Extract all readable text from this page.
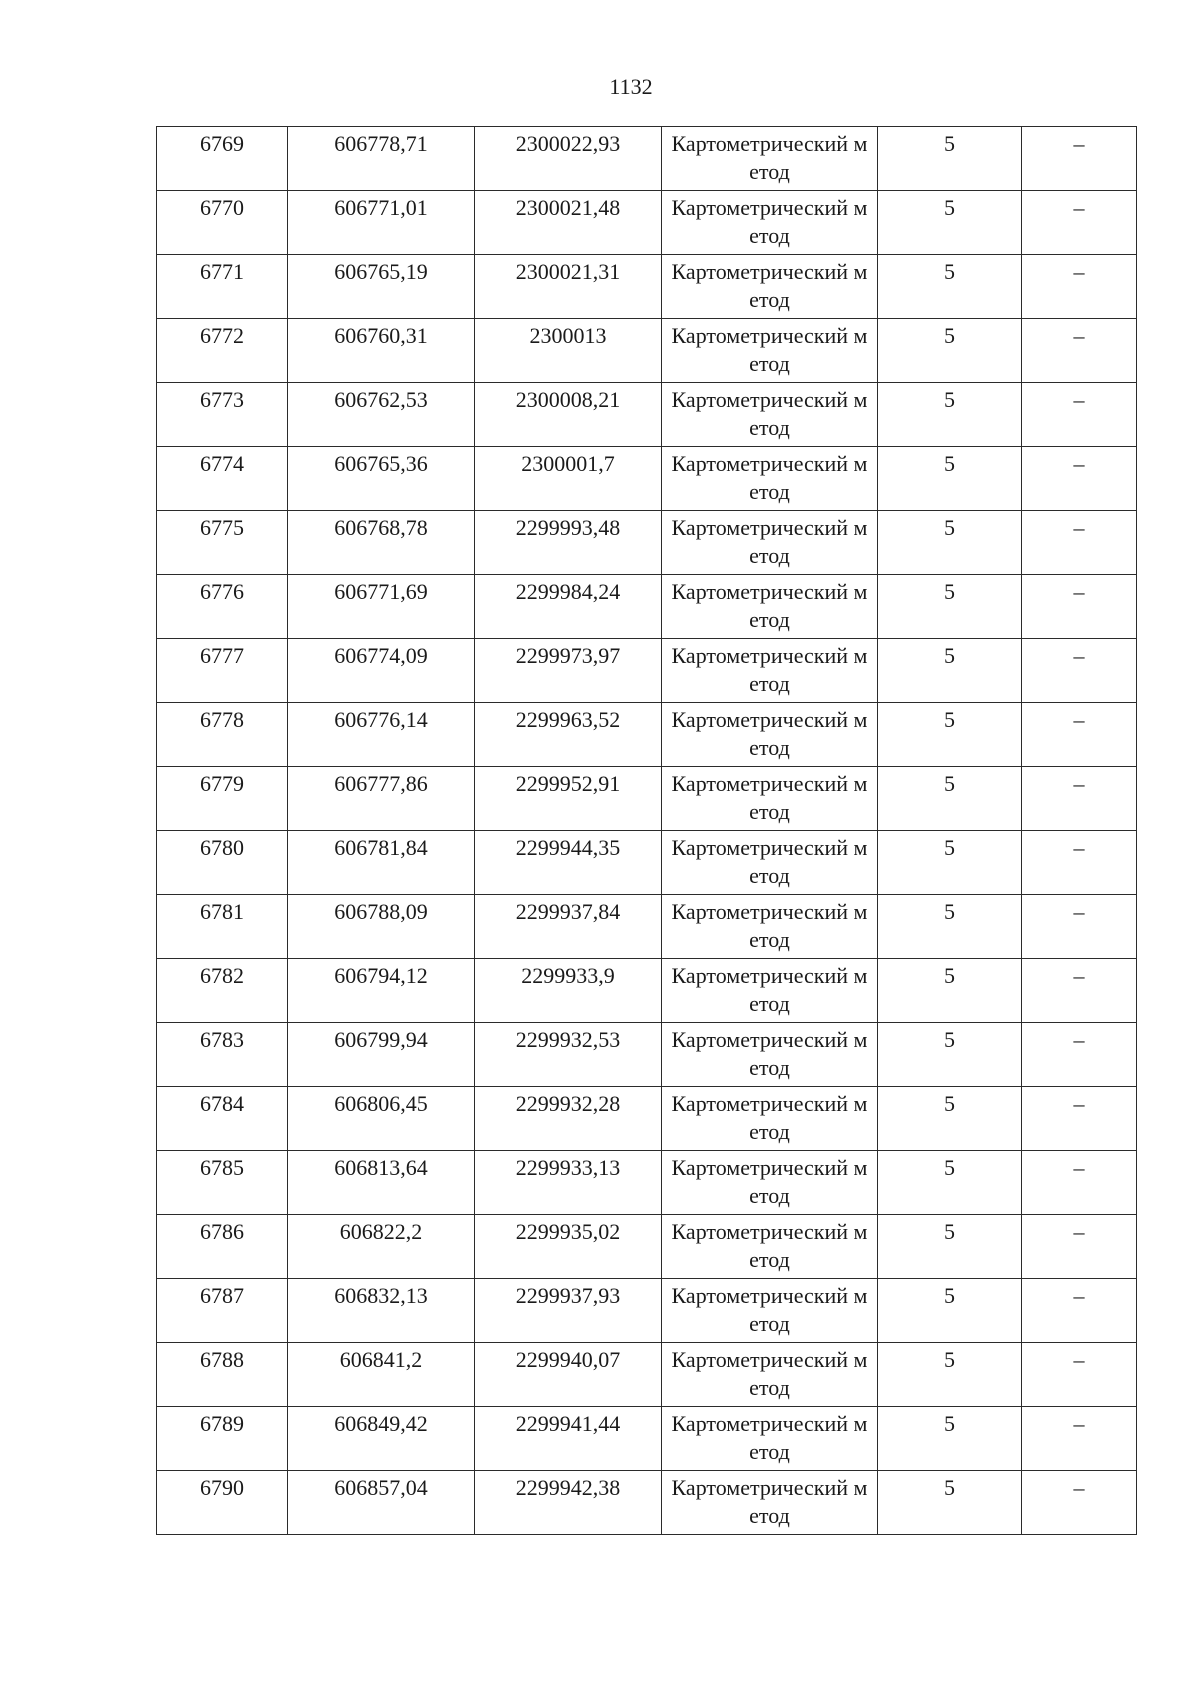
1132
6769	606778,71	2300022,93	Картометрический метод	5	–
6770	606771,01	2300021,48	Картометрический метод	5	–
6771	606765,19	2300021,31	Картометрический метод	5	–
6772	606760,31	2300013	Картометрический метод	5	–
6773	606762,53	2300008,21	Картометрический метод	5	–
6774	606765,36	2300001,7	Картометрический метод	5	–
6775	606768,78	2299993,48	Картометрический метод	5	–
6776	606771,69	2299984,24	Картометрический метод	5	–
6777	606774,09	2299973,97	Картометрический метод	5	–
6778	606776,14	2299963,52	Картометрический метод	5	–
6779	606777,86	2299952,91	Картометрический метод	5	–
6780	606781,84	2299944,35	Картометрический метод	5	–
6781	606788,09	2299937,84	Картометрический метод	5	–
6782	606794,12	2299933,9	Картометрический метод	5	–
6783	606799,94	2299932,53	Картометрический метод	5	–
6784	606806,45	2299932,28	Картометрический метод	5	–
6785	606813,64	2299933,13	Картометрический метод	5	–
6786	606822,2	2299935,02	Картометрический метод	5	–
6787	606832,13	2299937,93	Картометрический метод	5	–
6788	606841,2	2299940,07	Картометрический метод	5	–
6789	606849,42	2299941,44	Картометрический метод	5	–
6790	606857,04	2299942,38	Картометрический метод	5	–
